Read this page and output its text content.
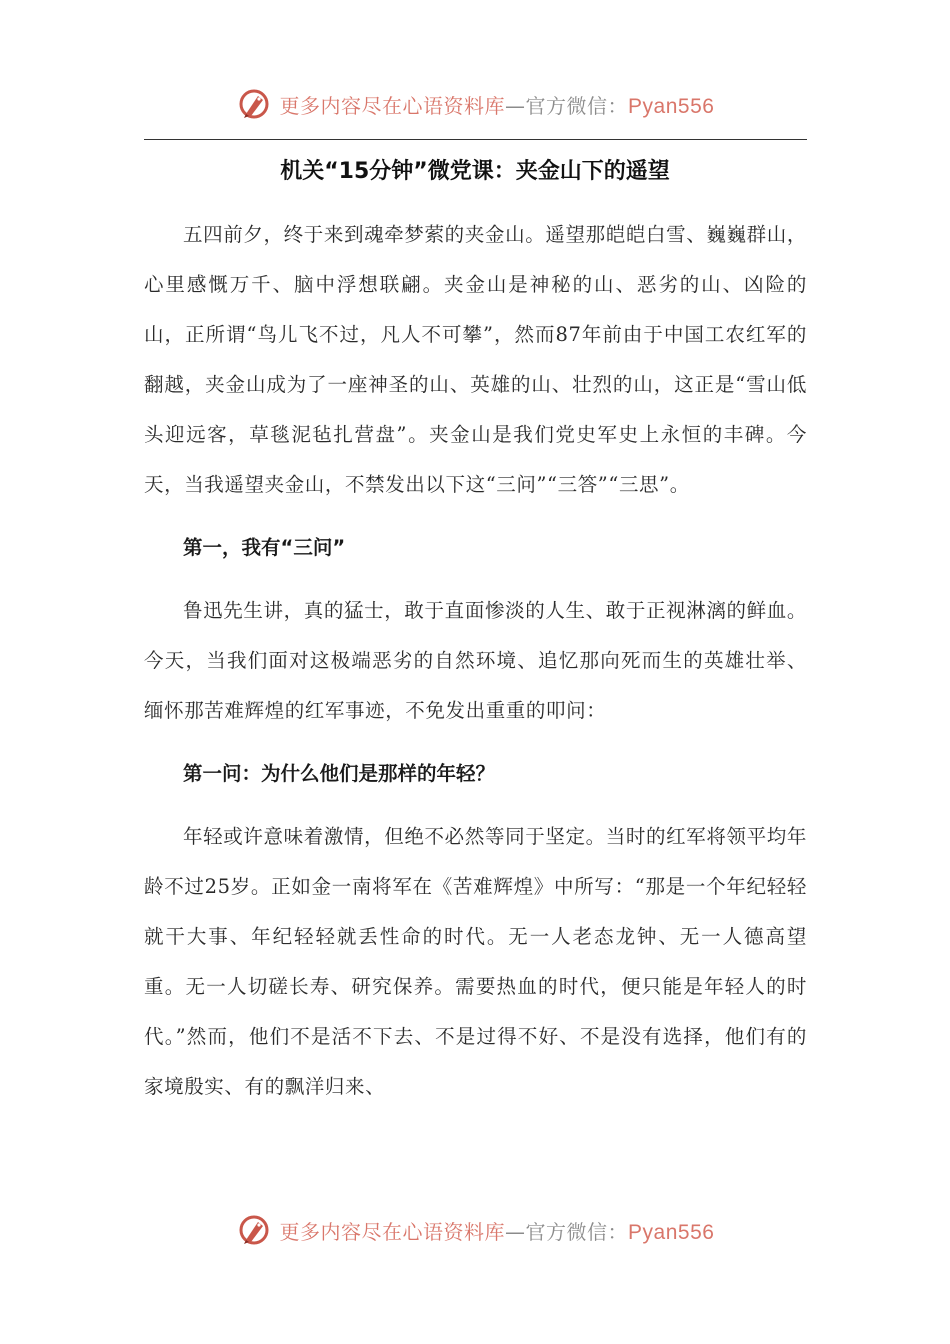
更多内容尽在心语资料库—官方微信：Pyan556
机关“15分钟”微党课：夹金山下的遥望

五四前夕，终于来到魂牵梦萦的夹金山。遥望那皑皑白雪、巍巍群山，心里感慨万千、脑中浮想联翩。夹金山是神秘的山、恶劣的山、凶险的山，正所谓“鸟儿飞不过，凡人不可攀”，然而87年前由于中国工农红军的翻越，夹金山成为了一座神圣的山、英雄的山、壮烈的山，这正是“雪山低头迎远客，草毯泥毡扎营盘”。夹金山是我们党史军史上永恒的丰碑。今天，当我遥望夹金山，不禁发出以下这“三问”“三答”“三思”。

第一，我有“三问”

鲁迅先生讲，真的猛士，敢于直面惨淡的人生、敢于正视淋漓的鲜血。今天，当我们面对这极端恶劣的自然环境、追忆那向死而生的英雄壮举、缅怀那苦难辉煌的红军事迹，不免发出重重的叩问：

第一问：为什么他们是那样的年轻？

年轻或许意味着激情，但绝不必然等同于坚定。当时的红军将领平均年龄不过25岁。正如金一南将军在《苦难辉煌》中所写：“那是一个年纪轻轻就干大事、年纪轻轻就丢性命的时代。无一人老态龙钟、无一人德高望重。无一人切磋长寿、研究保养。需要热血的时代，便只能是年轻人的时代。”然而，他们不是活不下去、不是过得不好、不是没有选择，他们有的家境殷实、有的飘洋归来、

更多内容尽在心语资料库—官方微信：Pyan556
